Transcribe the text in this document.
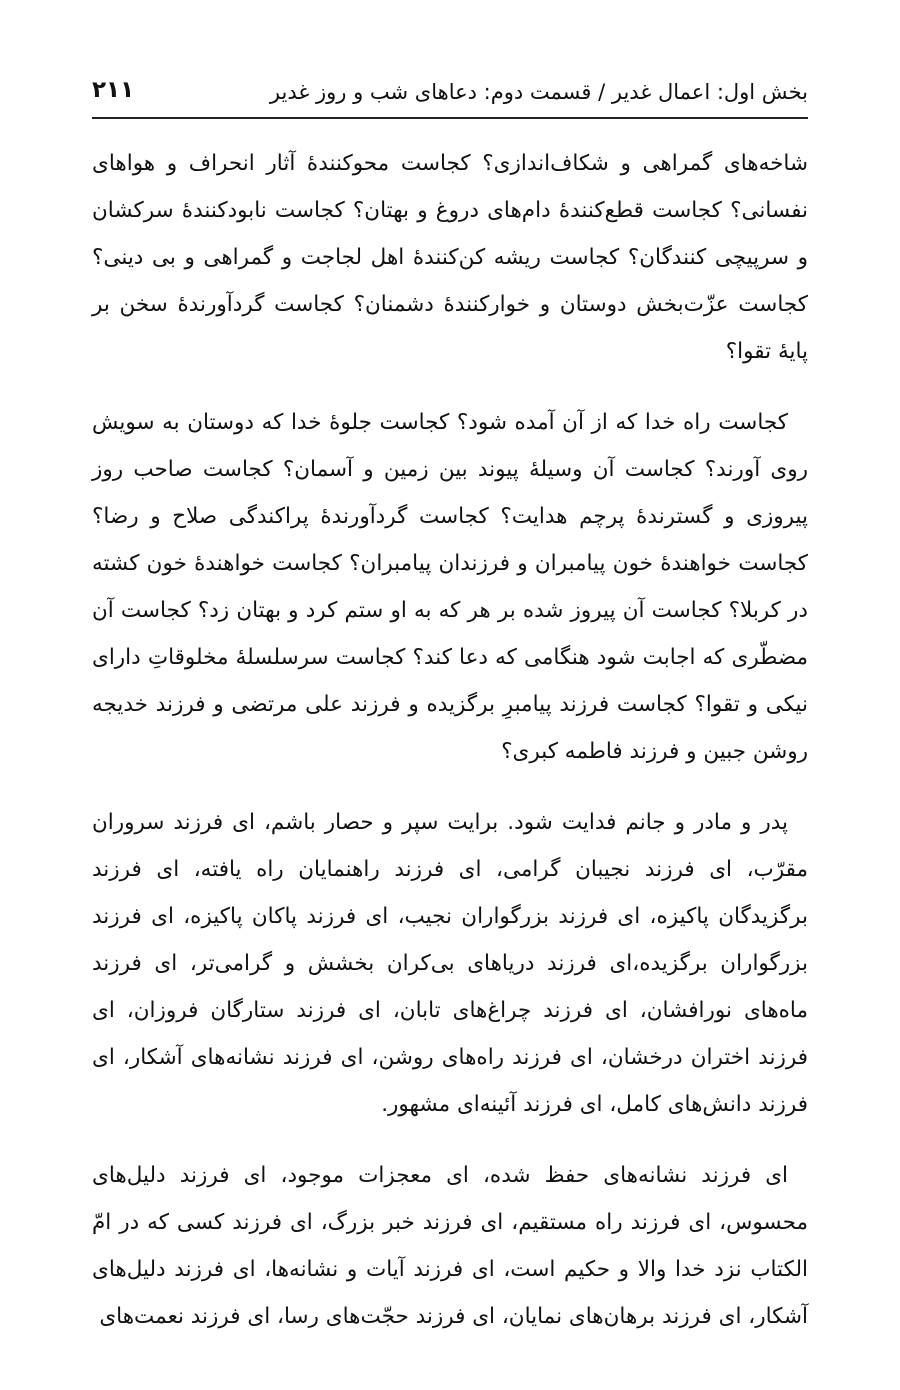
بخش اول: اعمال غدیر / قسمت دوم: دعاهای شب و روز غدیر
۲۱۱

شاخه‌های گمراهی و شکاف‌اندازی؟ کجاست محوکنندهٔ آثار انحراف و هواهای نفسانی؟ کجاست قطع‌کنندهٔ دام‌های دروغ و بهتان؟ کجاست نابودکنندهٔ سرکشان و سرپیچی کنندگان؟ کجاست ریشه کن‌کنندهٔ اهل لجاجت و گمراهی و بی دینی؟ کجاست عزّت‌بخش دوستان و خوارکنندهٔ دشمنان؟ کجاست گردآورندهٔ سخن بر پایهٔ تقوا؟

کجاست راه خدا که از آن آمده شود؟ کجاست جلوهٔ خدا که دوستان به سویش روی آورند؟ کجاست آن وسیلهٔ پیوند بین زمین و آسمان؟ کجاست صاحب روز پیروزی و گسترندهٔ پرچم هدایت؟ کجاست گردآورندهٔ پراکندگی صلاح و رضا؟ کجاست خواهندهٔ خون پیامبران و فرزندان پیامبران؟ کجاست خواهندهٔ خون کشته در کربلا؟ کجاست آن پیروز شده بر هر که به او ستم کرد و بهتان زد؟ کجاست آن مضطّری که اجابت شود هنگامی که دعا کند؟ کجاست سرسلسلهٔ مخلوقاتِ دارای نیکی و تقوا؟ کجاست فرزند پیامبرِ برگزیده و فرزند علی مرتضی و فرزند خدیجه روشن جبین و فرزند فاطمه کبری؟

پدر و مادر و جانم فدایت شود. برایت سپر و حصار باشم، ای فرزند سروران مقرّب، ای فرزند نجیبان گرامی، ای فرزند راهنمایان راه یافته، ای فرزند برگزیدگان پاکیزه، ای فرزند بزرگواران نجیب، ای فرزند پاکان پاکیزه، ای فرزند بزرگواران برگزیده،ای فرزند دریاهای بی‌کران بخشش و گرامی‌تر، ای فرزند ماه‌های نورافشان، ای فرزند چراغ‌های تابان، ای فرزند ستارگان فروزان، ای فرزند اختران درخشان، ای فرزند راه‌های روشن، ای فرزند نشانه‌های آشکار، ای فرزند دانش‌های کامل، ای فرزند آئینه‌ای مشهور.

ای فرزند نشانه‌های حفظ شده، ای معجزات موجود، ای فرزند دلیل‌های محسوس، ای فرزند راه مستقیم، ای فرزند خبر بزرگ، ای فرزند کسی که در امّ الکتاب نزد خدا والا و حکیم است، ای فرزند آیات و نشانه‌ها، ای فرزند دلیل‌های آشکار، ای فرزند برهان‌های نمایان، ای فرزند حجّت‌های رسا، ای فرزند نعمت‌های
